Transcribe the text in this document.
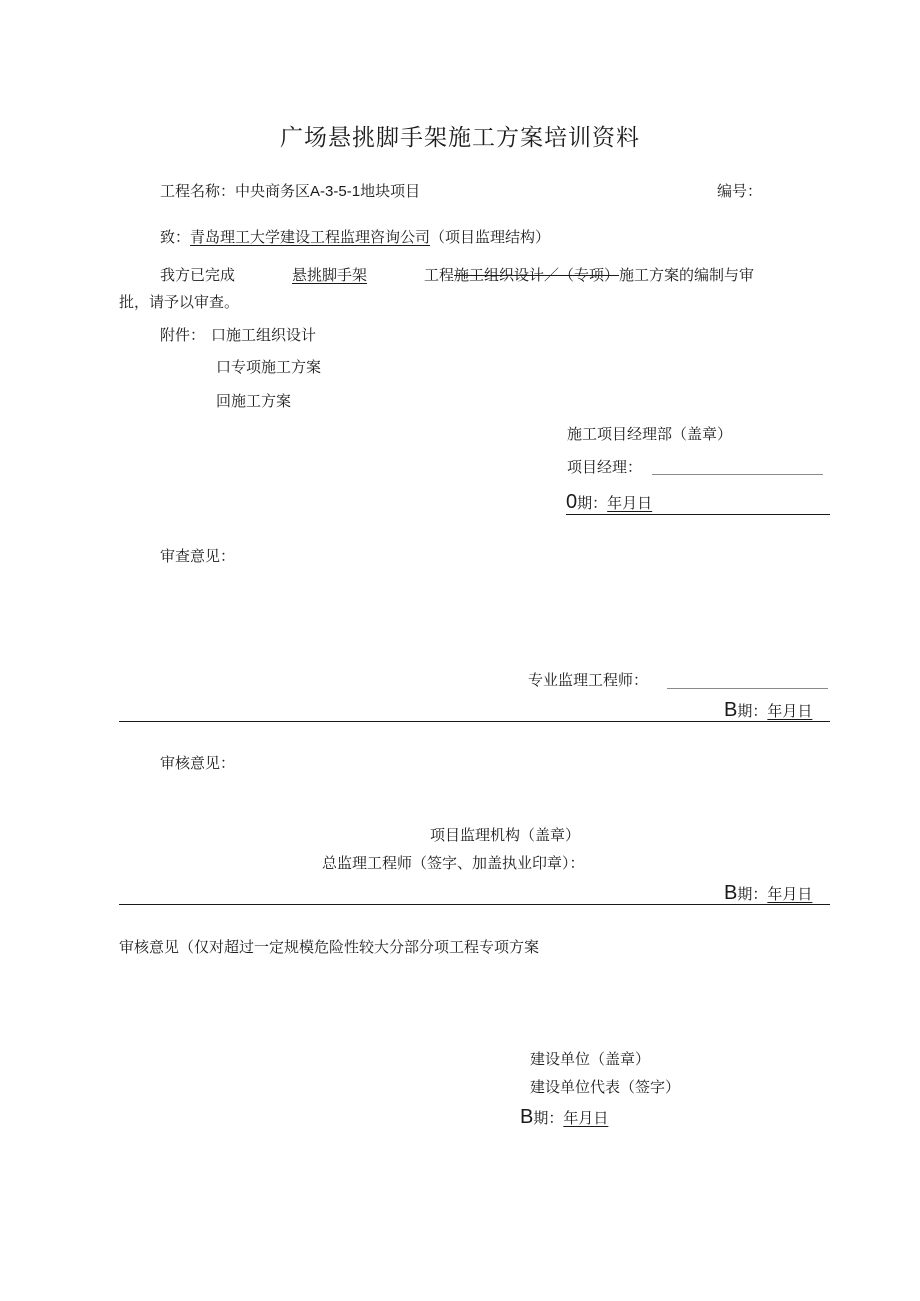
广场悬挑脚手架施工方案培训资料
工程名称：中央商务区A-3-5-1地块项目	编号：
致：青岛理工大学建设工程监理咨询公司（项目监理结构）
我方已完成	悬挑脚手架	工程施工组织设计／（专项）施工方案的编制与审
批，请予以审查。
附件： 口施工组织设计
口专项施工方案
回施工方案
施工项目经理部（盖章）
项目经理：
0期：年月日
审查意见：
专业监理工程师：
B期：年月日
审核意见：
项目监理机构（盖章）
总监理工程师（签字、加盖执业印章）：
B期：年月日
审核意见（仅对超过一定规模危险性较大分部分项工程专项方案
建设单位（盖章）
建设单位代表（签字）
B期：年月日
